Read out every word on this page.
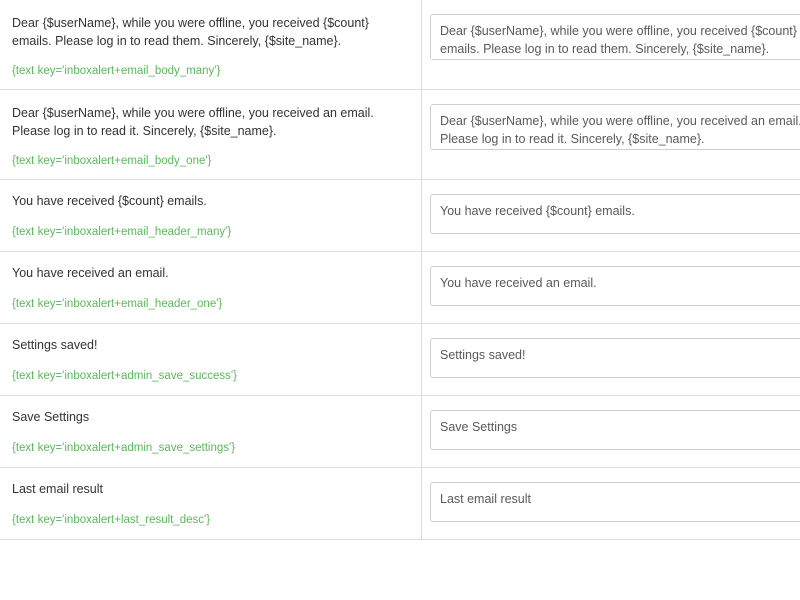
Dear {$userName}, while you were offline, you received {$count} emails. Please log in to read them. Sincerely, {$site_name}.
{text key='inboxalert+email_body_many'}
	Dear {$userName}, while you were offline, you received {$count} emails. Please log in to read them. Sincerely, {$site_name}.

Dear {$userName}, while you were offline, you received an email. Please log in to read it. Sincerely, {$site_name}.
{text key='inboxalert+email_body_one'}
	Dear {$userName}, while you were offline, you received an email. Please log in to read it. Sincerely, {$site_name}.

You have received {$count} emails.
{text key='inboxalert+email_header_many'}
	You have received {$count} emails.

You have received an email.
{text key='inboxalert+email_header_one'}
	You have received an email.

Settings saved!
{text key='inboxalert+admin_save_success'}
	Settings saved!

Save Settings
{text key='inboxalert+admin_save_settings'}
	Save Settings

Last email result
{text key='inboxalert+last_result_desc'}
	Last email result
